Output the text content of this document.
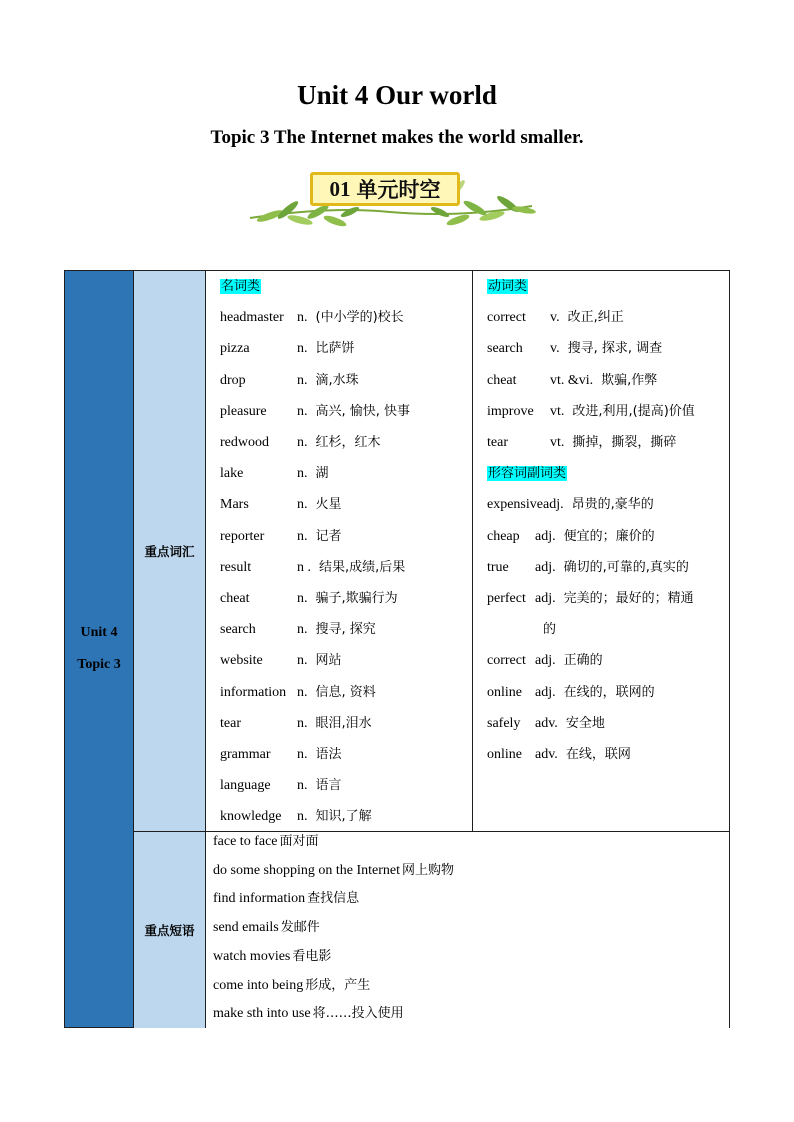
Unit 4 Our world
Topic 3 The Internet makes the world smaller.
01 单元时空
Unit 4
Topic 3
重点词汇
重点短语
名词类
headmaster n. (中小学的)校长
pizza	n. 比萨饼
drop	n. 滴,水珠
pleasure n. 高兴, 愉快, 快事
redwood n. 红杉，红木
lake	n. 湖
Mars	n. 火星
reporter n. 记者
result	n . 结果,成绩,后果
cheat	n. 骗子,欺骗行为
search	n. 搜寻, 探究
website n. 网站
information n. 信息, 资料
tear	n. 眼泪,泪水
grammar n. 语法
language n. 语言
knowledge n. 知识,了解
动词类
correct v. 改正,纠正
search v. 搜寻, 探求, 调查
cheat vt. &vi. 欺骗,作弊
improve vt. 改进,利用,(提高)价值
tear	vt. 撕掉，撕裂，撕碎
形容词副词类
expensiveadj. 昂贵的,豪华的
cheap adj. 便宜的；廉价的
true adj. 确切的,可靠的,真实的
perfect adj. 完美的；最好的；精通
的
correct adj. 正确的
online adj. 在线的，联网的
safely adv. 安全地
online adv. 在线，联网
face to face 面对面
do some shopping on the Internet 网上购物
find information 查找信息
send emails 发邮件
watch movies 看电影
come into being 形成，产生
make sth into use 将……投入使用
